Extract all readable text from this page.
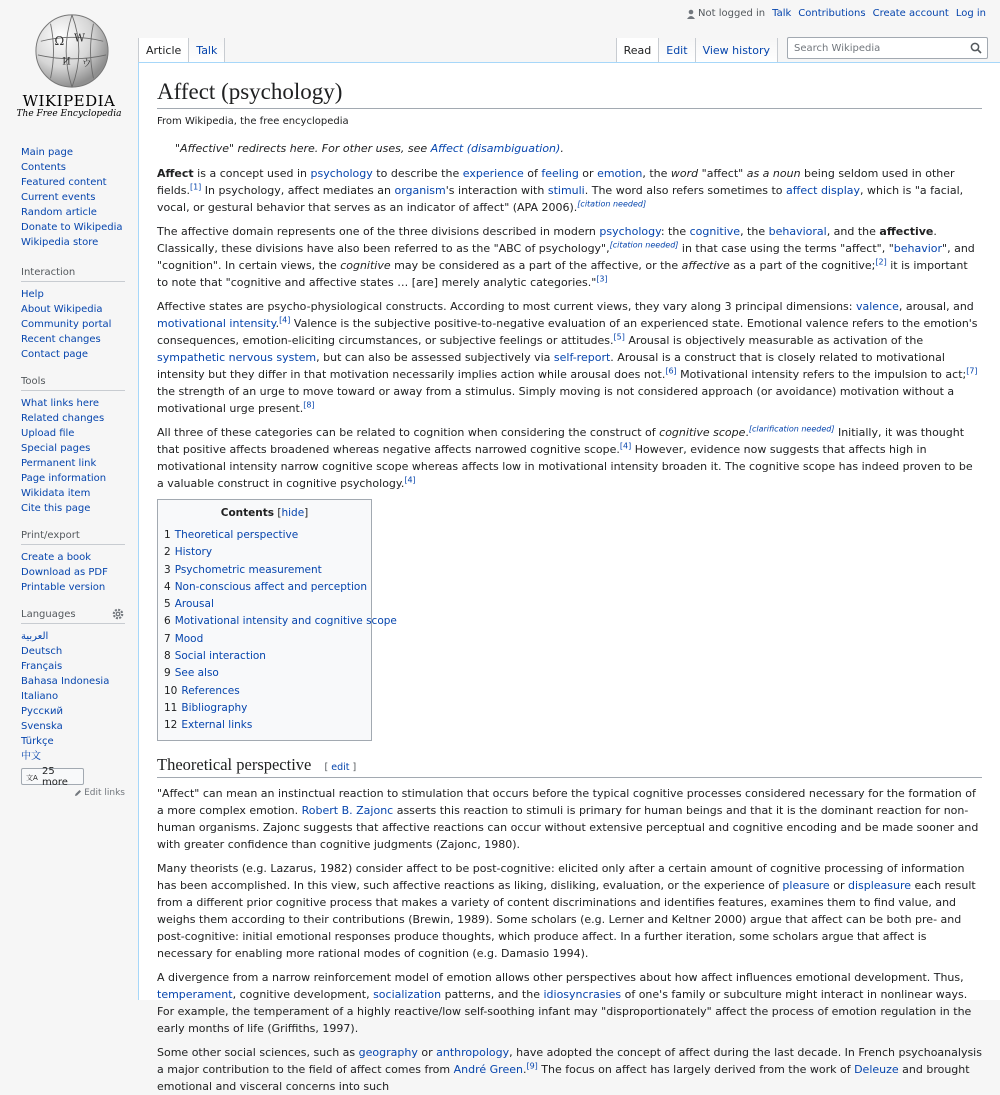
Ω W
И ウ
WIKIPEDIA
The Free Encyclopedia
Not logged in Talk Contributions Create account Log in
Article	Talk	Read	Edit	View history	Search Wikipedia
Main page
Contents
Featured content
Current events
Random article
Donate to Wikipedia
Wikipedia store
Interaction
Help
About Wikipedia
Community portal
Recent changes
Contact page
Tools
What links here
Related changes
Upload file
Special pages
Permanent link
Page information
Wikidata item
Cite this page
Print/export
Create a book
Download as PDF
Printable version
Languages
العربية
Deutsch
Français
Bahasa Indonesia
Italiano
Русский
Svenska
Türkçe
中文
文A
25 more
Edit links
Affect (psychology)
From Wikipedia, the free encyclopedia
"Affective" redirects here. For other uses, see Affect (disambiguation).

Affect is a concept used in psychology to describe the experience of feeling or emotion, the word "affect" as a noun being seldom used in other fields.[1] In psychology, affect mediates an organism's interaction with stimuli. The word also refers sometimes to affect display, which is "a facial, vocal, or gestural behavior that serves as an indicator of affect" (APA 2006).[citation needed]

The affective domain represents one of the three divisions described in modern psychology: the cognitive, the behavioral, and the affective. Classically, these divisions have also been referred to as the "ABC of psychology",[citation needed] in that case using the terms "affect", "behavior", and "cognition". In certain views, the cognitive may be considered as a part of the affective, or the affective as a part of the cognitive;[2] it is important to note that "cognitive and affective states … [are] merely analytic categories."[3]

Affective states are psycho-physiological constructs. According to most current views, they vary along 3 principal dimensions: valence, arousal, and motivational intensity.[4] Valence is the subjective positive-to-negative evaluation of an experienced state. Emotional valence refers to the emotion's consequences, emotion-eliciting circumstances, or subjective feelings or attitudes.[5] Arousal is objectively measurable as activation of the sympathetic nervous system, but can also be assessed subjectively via self-report. Arousal is a construct that is closely related to motivational intensity but they differ in that motivation necessarily implies action while arousal does not.[6] Motivational intensity refers to the impulsion to act;[7] the strength of an urge to move toward or away from a stimulus. Simply moving is not considered approach (or avoidance) motivation without a motivational urge present.[8]

All three of these categories can be related to cognition when considering the construct of cognitive scope.[clarification needed] Initially, it was thought that positive affects broadened whereas negative affects narrowed cognitive scope.[4] However, evidence now suggests that affects high in motivational intensity narrow cognitive scope whereas affects low in motivational intensity broaden it. The cognitive scope has indeed proven to be a valuable construct in cognitive psychology.[4]

Contents [hide]
1 Theoretical perspective
2 History
3 Psychometric measurement
4 Non-conscious affect and perception
5 Arousal
6 Motivational intensity and cognitive scope
7 Mood
8 Social interaction
9 See also
10 References
11 Bibliography
12 External links
Theoretical perspective [ edit ]

"Affect" can mean an instinctual reaction to stimulation that occurs before the typical cognitive processes considered necessary for the formation of a more complex emotion. Robert B. Zajonc asserts this reaction to stimuli is primary for human beings and that it is the dominant reaction for non-human organisms. Zajonc suggests that affective reactions can occur without extensive perceptual and cognitive encoding and be made sooner and with greater confidence than cognitive judgments (Zajonc, 1980).

Many theorists (e.g. Lazarus, 1982) consider affect to be post-cognitive: elicited only after a certain amount of cognitive processing of information has been accomplished. In this view, such affective reactions as liking, disliking, evaluation, or the experience of pleasure or displeasure each result from a different prior cognitive process that makes a variety of content discriminations and identifies features, examines them to find value, and weighs them according to their contributions (Brewin, 1989). Some scholars (e.g. Lerner and Keltner 2000) argue that affect can be both pre- and post-cognitive: initial emotional responses produce thoughts, which produce affect. In a further iteration, some scholars argue that affect is necessary for enabling more rational modes of cognition (e.g. Damasio 1994).

A divergence from a narrow reinforcement model of emotion allows other perspectives about how affect influences emotional development. Thus, temperament, cognitive development, socialization patterns, and the idiosyncrasies of one's family or subculture might interact in nonlinear ways. For example, the temperament of a highly reactive/low self-soothing infant may "disproportionately" affect the process of emotion regulation in the early months of life (Griffiths, 1997).

Some other social sciences, such as geography or anthropology, have adopted the concept of affect during the last decade. In French psychoanalysis a major contribution to the field of affect comes from André Green.[9] The focus on affect has largely derived from the work of Deleuze and brought emotional and visceral concerns into such
